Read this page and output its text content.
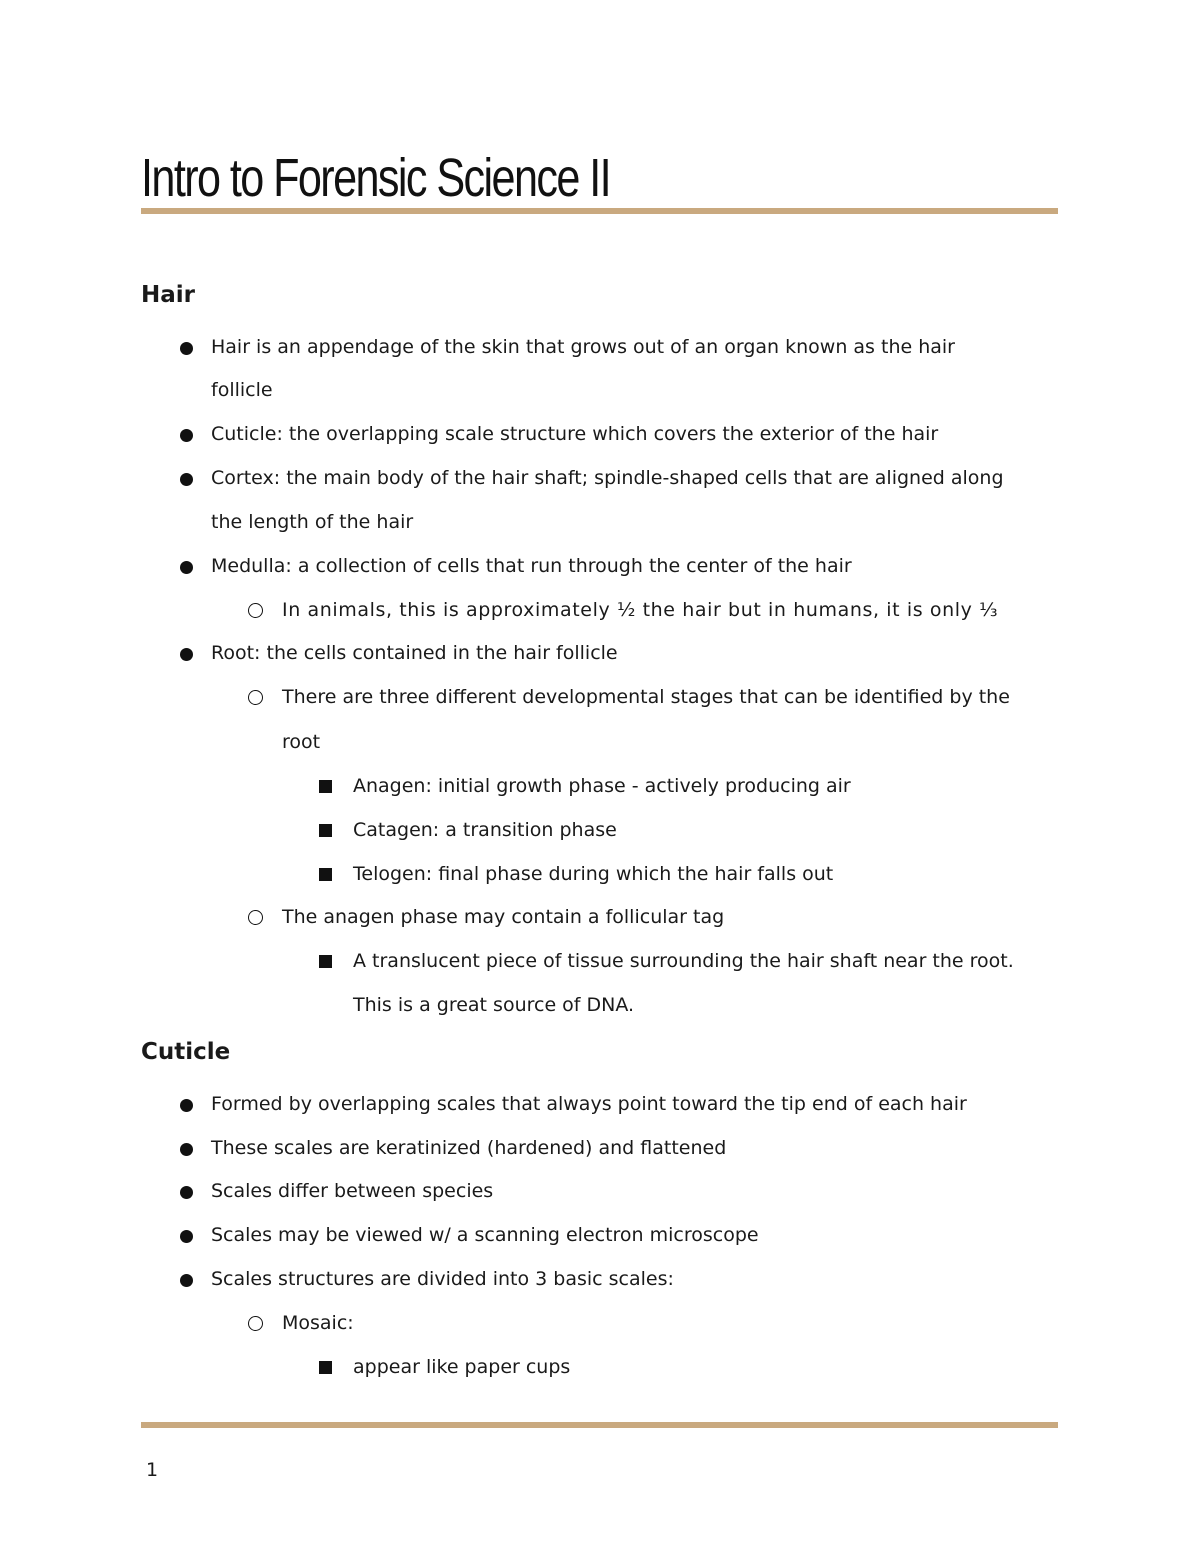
Intro to Forensic Science II
Hair
Hair is an appendage of the skin that grows out of an organ known as the hair
follicle
Cuticle: the overlapping scale structure which covers the exterior of the hair
Cortex: the main body of the hair shaft; spindle-shaped cells that are aligned along
the length of the hair
Medulla: a collection of cells that run through the center of the hair
In animals, this is approximately ½ the hair but in humans, it is only ⅓
Root: the cells contained in the hair follicle
There are three different developmental stages that can be identified by the
root
Anagen: initial growth phase - actively producing air
Catagen: a transition phase
Telogen: final phase during which the hair falls out
The anagen phase may contain a follicular tag
A translucent piece of tissue surrounding the hair shaft near the root.
This is a great source of DNA.
Cuticle
Formed by overlapping scales that always point toward the tip end of each hair
These scales are keratinized (hardened) and flattened
Scales differ between species
Scales may be viewed w/ a scanning electron microscope
Scales structures are divided into 3 basic scales:
Mosaic:
appear like paper cups
1
